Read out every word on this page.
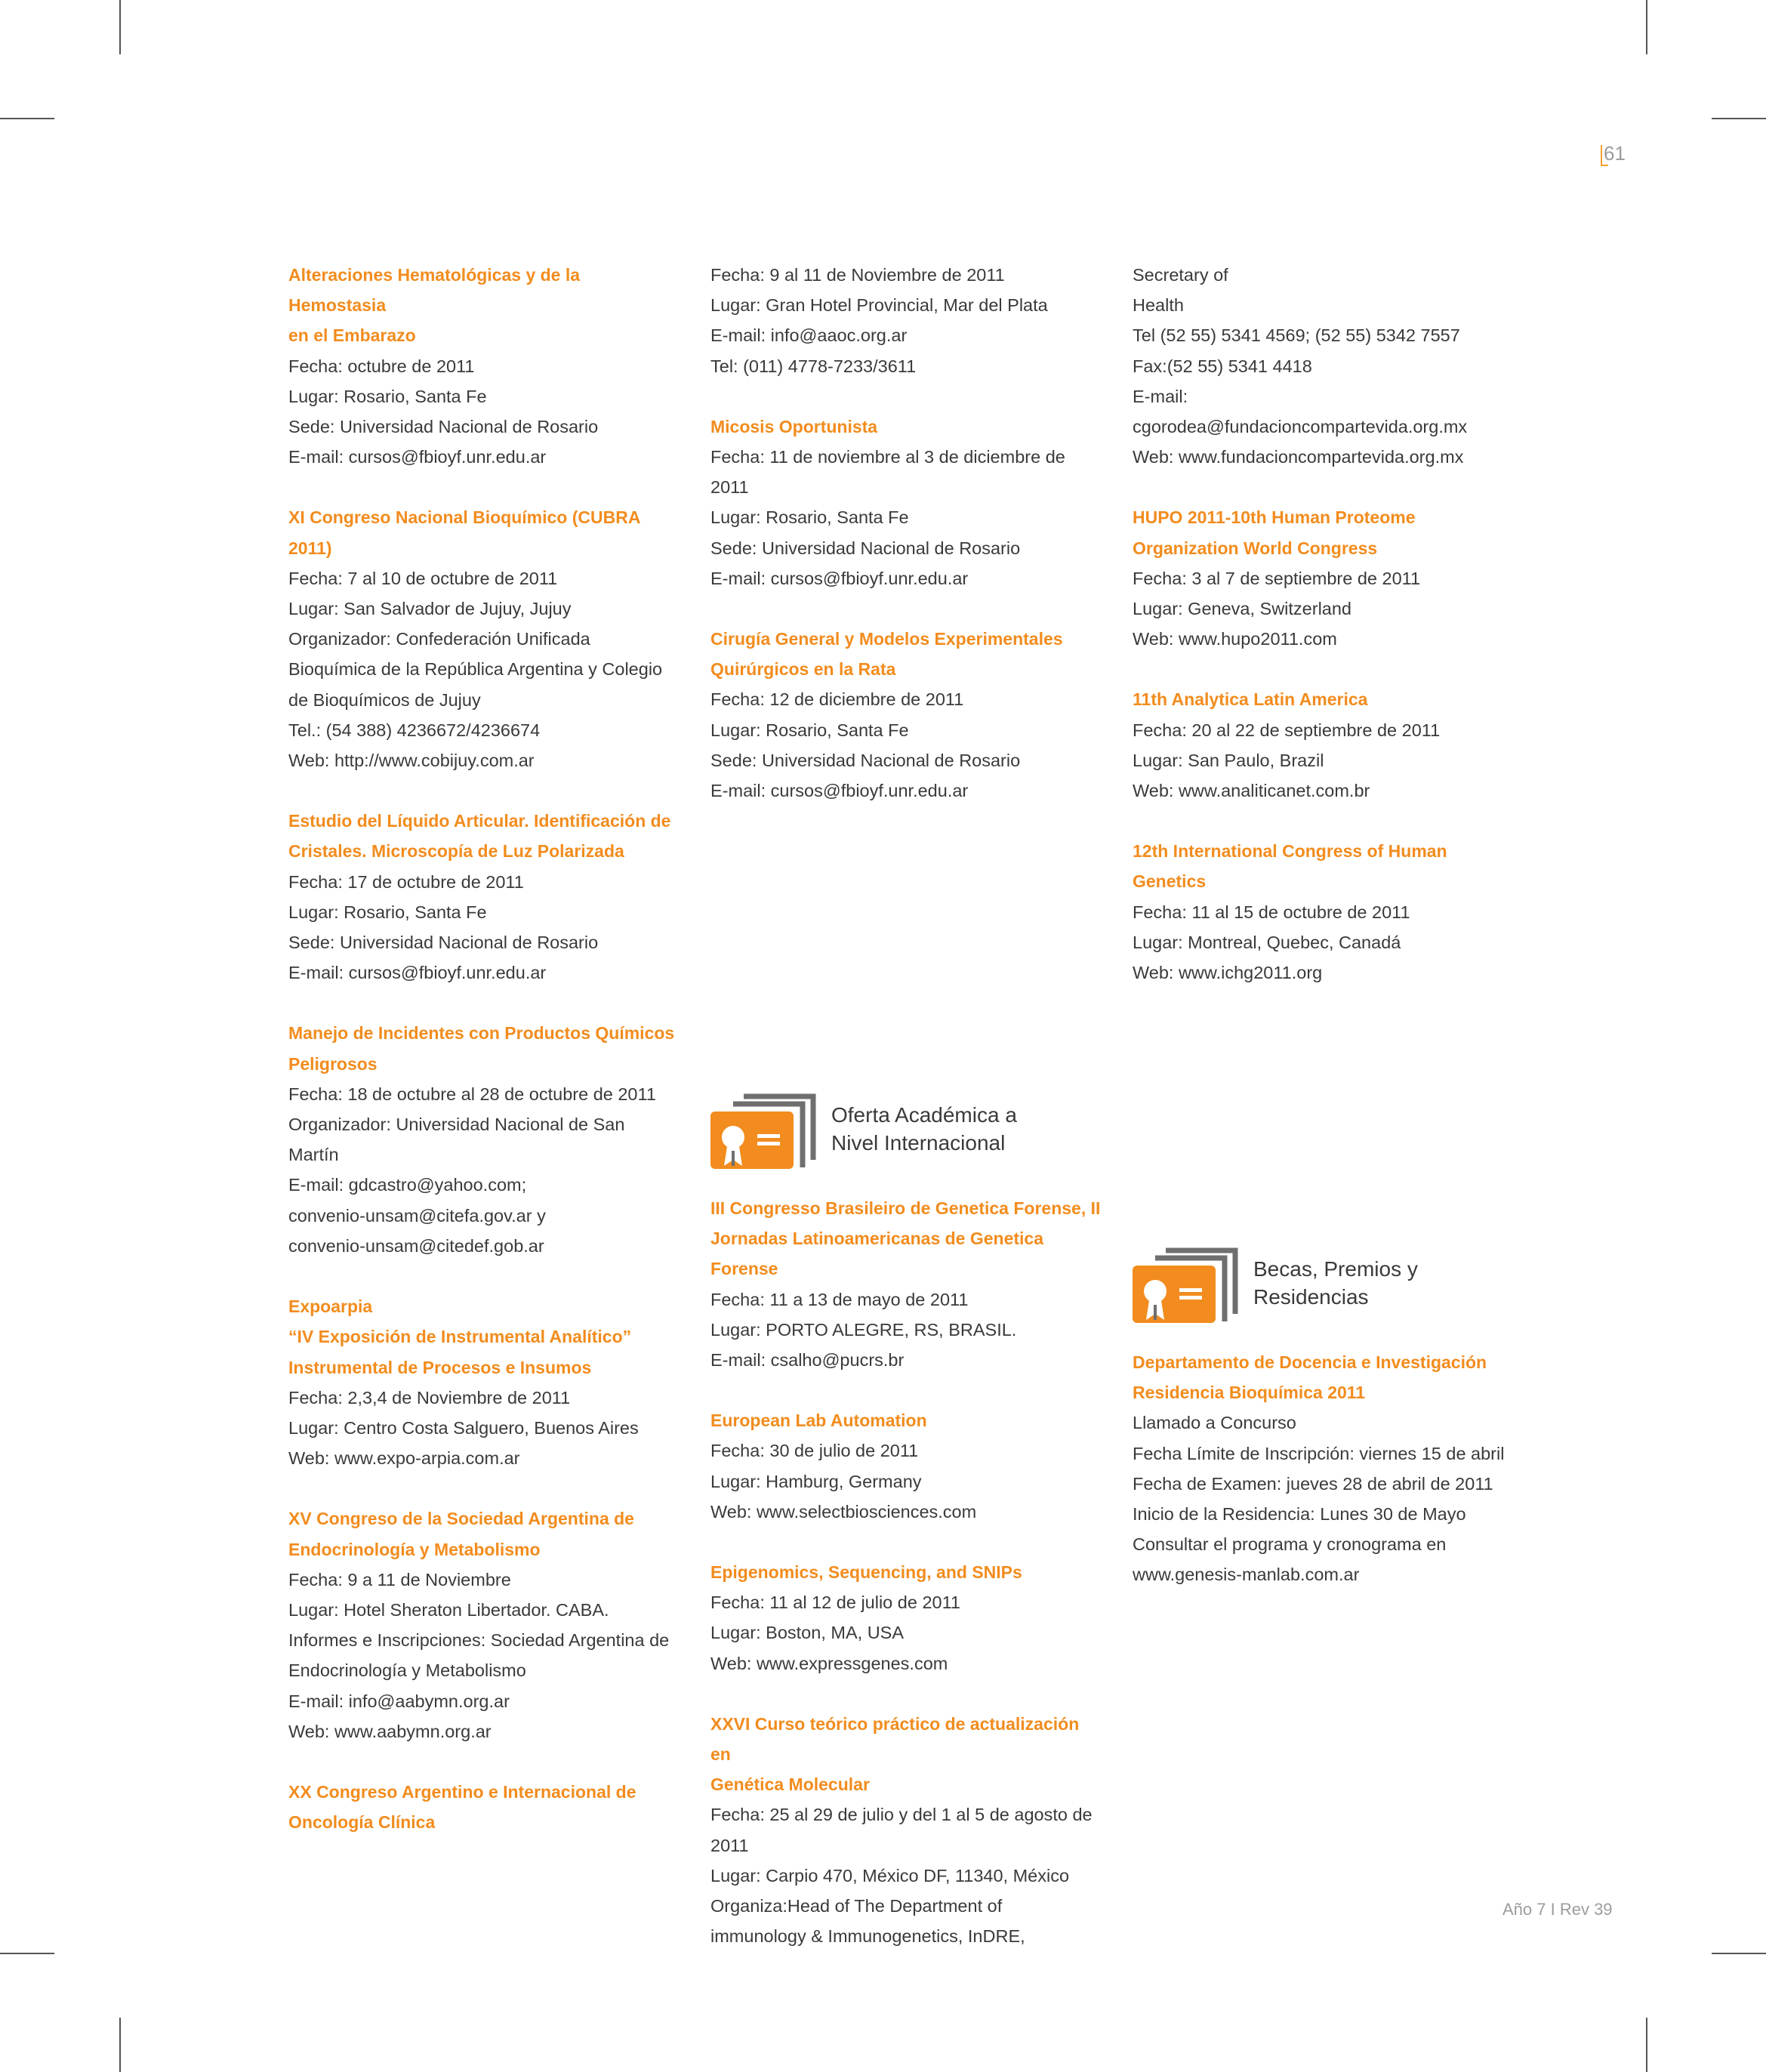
61
Año 7 I Rev 39
Alteraciones Hematológicas y de la Hemostasia
en el Embarazo
Fecha: octubre de 2011
Lugar: Rosario, Santa Fe
Sede: Universidad Nacional de Rosario
E-mail: cursos@fbioyf.unr.edu.ar
XI Congreso Nacional Bioquímico (CUBRA
2011)
Fecha: 7 al 10 de octubre de 2011
Lugar: San Salvador de Jujuy, Jujuy
Organizador: Confederación Unificada
Bioquímica de la República Argentina y Colegio
de Bioquímicos de Jujuy
Tel.: (54 388) 4236672/4236674
Web: http://www.cobijuy.com.ar
Estudio del Líquido Articular. Identificación de
Cristales. Microscopía de Luz Polarizada
Fecha: 17 de octubre de 2011
Lugar: Rosario, Santa Fe
Sede: Universidad Nacional de Rosario
E-mail: cursos@fbioyf.unr.edu.ar
Manejo de Incidentes con Productos Químicos
Peligrosos
Fecha: 18 de octubre al 28 de octubre de 2011
Organizador: Universidad Nacional de San
Martín
E-mail: gdcastro@yahoo.com;
convenio-unsam@citefa.gov.ar y
convenio-unsam@citedef.gob.ar
Expoarpia
“IV Exposición de Instrumental Analítico”
Instrumental de Procesos e Insumos
Fecha: 2,3,4 de Noviembre de 2011
Lugar: Centro Costa Salguero, Buenos Aires
Web: www.expo-arpia.com.ar
XV Congreso de la Sociedad Argentina de
Endocrinología y Metabolismo
Fecha: 9 a 11 de Noviembre
Lugar: Hotel Sheraton Libertador. CABA.
Informes e Inscripciones: Sociedad Argentina de
Endocrinología y Metabolismo
E-mail: info@aabymn.org.ar
Web: www.aabymn.org.ar
XX Congreso Argentino e Internacional de
Oncología Clínica
Fecha: 9 al 11 de Noviembre de 2011
Lugar: Gran Hotel Provincial, Mar del Plata
E-mail: info@aaoc.org.ar
Tel: (011) 4778-7233/3611
Micosis Oportunista
Fecha: 11 de noviembre al 3 de diciembre de
2011
Lugar: Rosario, Santa Fe
Sede: Universidad Nacional de Rosario
E-mail: cursos@fbioyf.unr.edu.ar
Cirugía General y Modelos Experimentales
Quirúrgicos en la Rata
Fecha: 12 de diciembre de 2011
Lugar: Rosario, Santa Fe
Sede: Universidad Nacional de Rosario
E-mail: cursos@fbioyf.unr.edu.ar
Oferta Académica a
Nivel Internacional
III Congresso Brasileiro de Genetica Forense, II
Jornadas Latinoamericanas de Genetica
Forense
Fecha: 11 a 13 de mayo de 2011
Lugar: PORTO ALEGRE, RS, BRASIL.
E-mail: csalho@pucrs.br
European Lab Automation
Fecha: 30 de julio de 2011
Lugar: Hamburg, Germany
Web: www.selectbiosciences.com
Epigenomics, Sequencing, and SNIPs
Fecha: 11 al 12 de julio de 2011
Lugar: Boston, MA, USA
Web: www.expressgenes.com
XXVI Curso teórico práctico de actualización en
Genética Molecular
Fecha: 25 al 29 de julio y del 1 al 5 de agosto de
2011
Lugar: Carpio 470, México DF, 11340, México
Organiza:Head of The Department of
immunology & Immunogenetics, InDRE,
Secretary of
Health
Tel (52 55) 5341 4569; (52 55) 5342 7557
Fax:(52 55) 5341 4418
E-mail:
cgorodea@fundacioncompartevida.org.mx
Web: www.fundacioncompartevida.org.mx
HUPO 2011-10th Human Proteome
Organization World Congress
Fecha: 3 al 7 de septiembre de 2011
Lugar: Geneva, Switzerland
Web: www.hupo2011.com
11th Analytica Latin America
Fecha: 20 al 22 de septiembre de 2011
Lugar: San Paulo, Brazil
Web: www.analiticanet.com.br
12th International Congress of Human
Genetics
Fecha: 11 al 15 de octubre de 2011
Lugar: Montreal, Quebec, Canadá
Web: www.ichg2011.org
Becas, Premios y
Residencias
Departamento de Docencia e Investigación
Residencia Bioquímica 2011
Llamado a Concurso
Fecha Límite de Inscripción: viernes 15 de abril
Fecha de Examen: jueves 28 de abril de 2011
Inicio de la Residencia: Lunes 30 de Mayo
Consultar el programa y cronograma en
www.genesis-manlab.com.ar
